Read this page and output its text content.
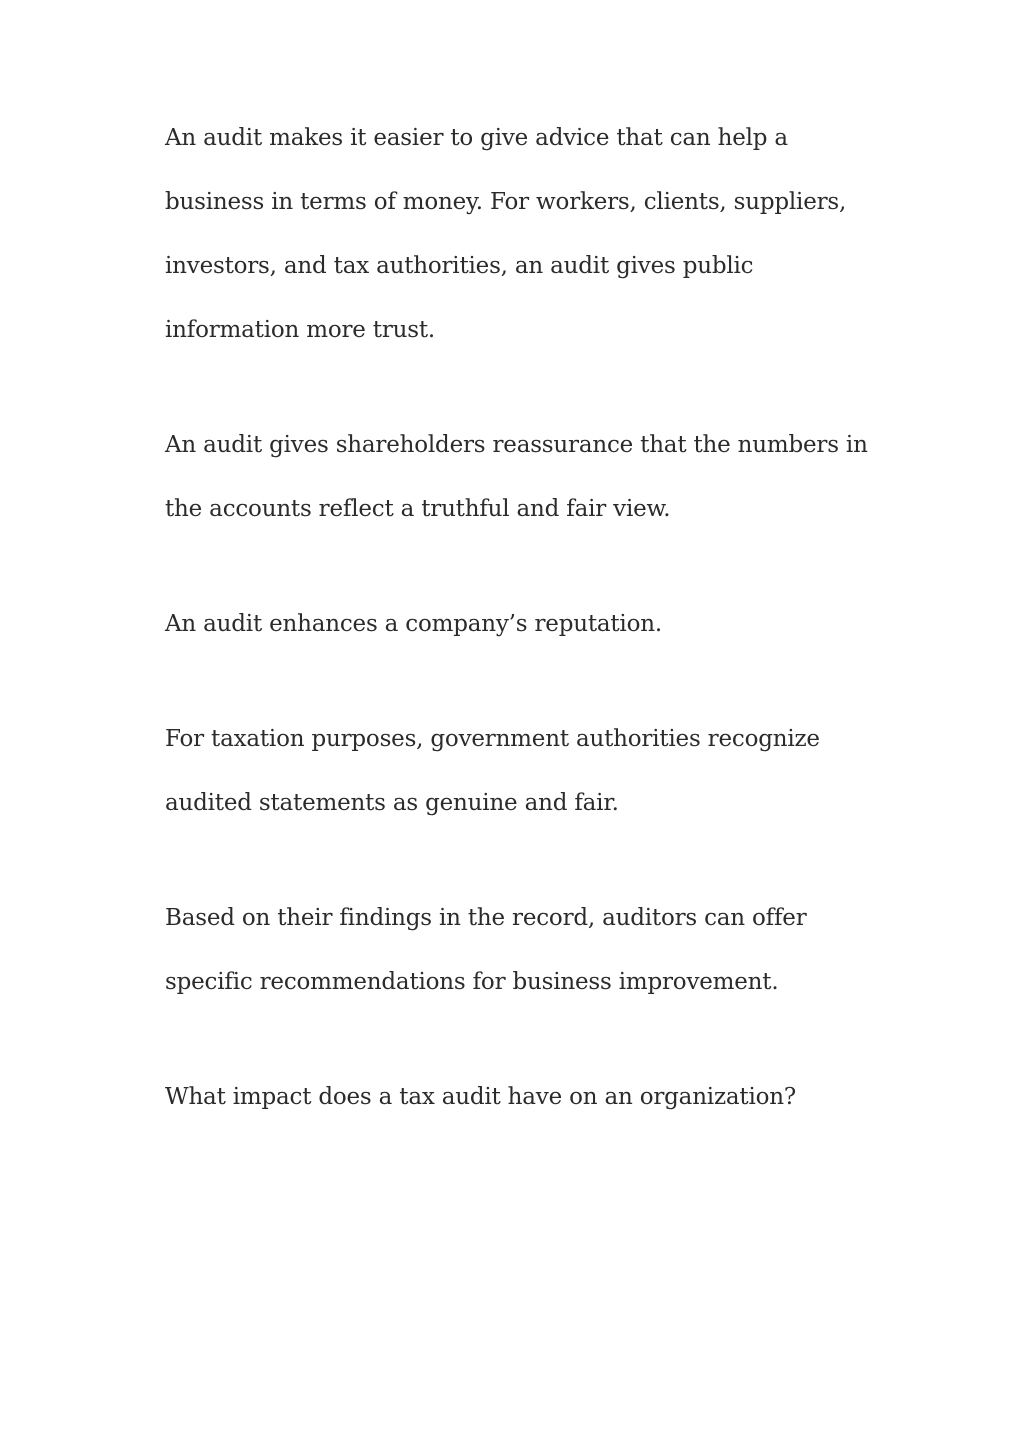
An audit makes it easier to give advice that can help a
business in terms of money. For workers, clients, suppliers,
investors, and tax authorities, an audit gives public
information more trust.

An audit gives shareholders reassurance that the numbers in
the accounts reflect a truthful and fair view.

An audit enhances a company’s reputation.

For taxation purposes, government authorities recognize
audited statements as genuine and fair.

Based on their findings in the record, auditors can offer
specific recommendations for business improvement.

What impact does a tax audit have on an organization?
